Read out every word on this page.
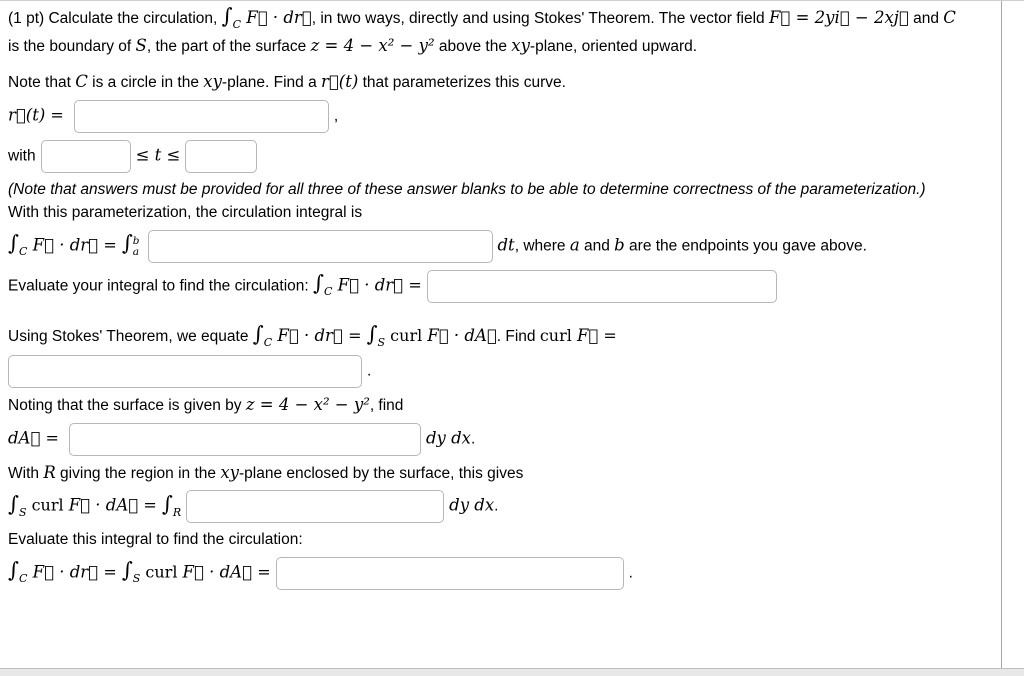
(1 pt) Calculate the circulation, $\int_C$ F⃗ · dr⃗, in two ways, directly and using Stokes' Theorem. The vector field F⃗ = 2yi⃗ − 2xj⃗ and C is the boundary of S, the part of the surface z = 4 − x² − y² above the xy-plane, oriented upward.

Note that C is a circle in the xy-plane. Find a r⃗(t) that parameterizes this curve.

r⃗(t) =	,
with	≤ t ≤

(Note that answers must be provided for all three of these answer blanks to be able to determine correctness of the parameterization.)

With this parameterization, the circulation integral is

$\int_C$ F⃗ · dr⃗ = ∫ b
a	dt, where a and b are the endpoints you gave above.
Evaluate your integral to find the circulation: $\int_C$ F⃗ · dr⃗ =
Using Stokes' Theorem, we equate $\int_C$ F⃗ · dr⃗ = $\int_S$ curl F⃗ · dA⃗. Find curl F⃗ =
.

Noting that the surface is given by z = 4 − x² − y², find

dA⃗ =	dy dx.

With R giving the region in the xy-plane enclosed by the surface, this gives

$\int_S$ curl F⃗ · dA⃗ = $\int_R$	dy dx.

Evaluate this integral to find the circulation:

$\int_C$ F⃗ · dr⃗ = $\int_S$ curl F⃗ · dA⃗ =	.
